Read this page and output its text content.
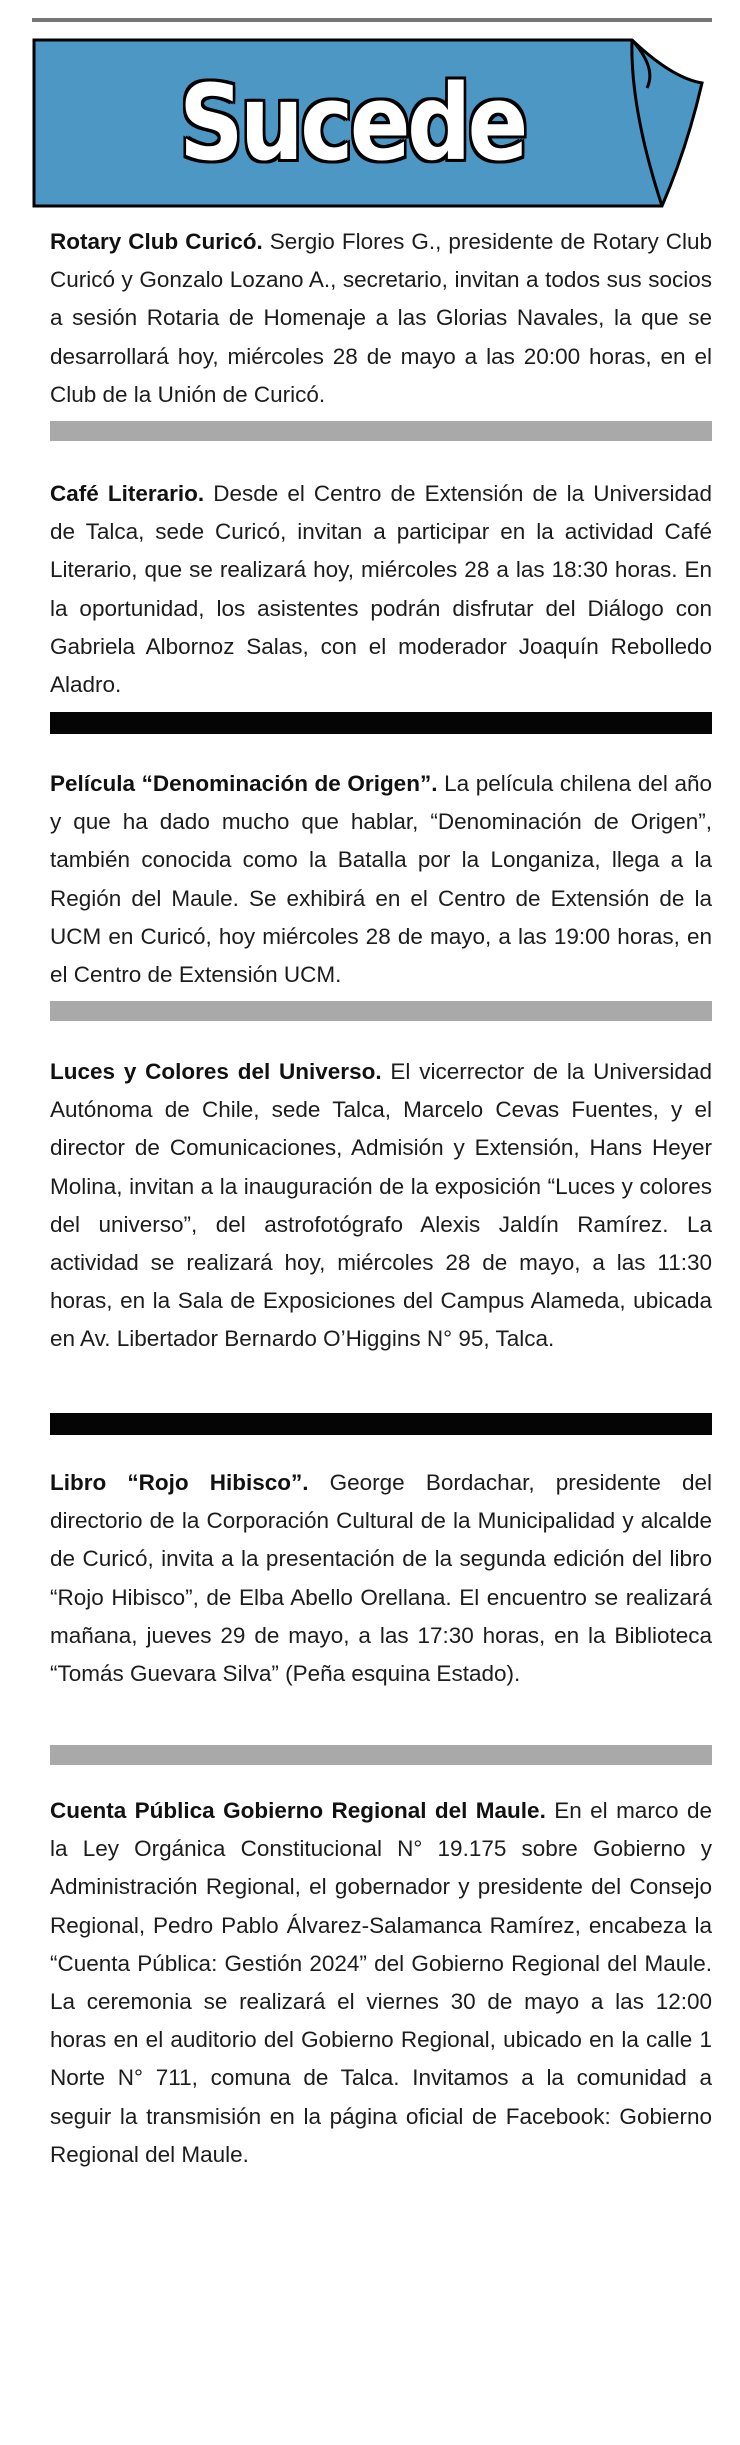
Sucede

Rotary Club Curicó. Sergio Flores G., presidente de Rotary Club Curicó y Gonzalo Lozano A., secretario, invitan a todos sus socios a sesión Rotaria de Homenaje a las Glorias Navales, la que se desarrollará hoy, miércoles 28 de mayo a las 20:00 horas, en el Club de la Unión de Curicó.

Café Literario. Desde el Centro de Extensión de la Universidad de Talca, sede Curicó, invitan a participar en la actividad Café Literario, que se realizará hoy, miércoles 28 a las 18:30 horas. En la oportunidad, los asistentes podrán disfrutar del Diálogo con Gabriela Albornoz Salas, con el moderador Joaquín Rebolledo Aladro.

Película “Denominación de Origen”. La película chilena del año y que ha dado mucho que hablar, “Denominación de Origen”, también conocida como la Batalla por la Longaniza, llega a la Región del Maule. Se exhibirá en el Centro de Extensión de la UCM en Curicó, hoy miércoles 28 de mayo, a las 19:00 horas, en el Centro de Extensión UCM.

Luces y Colores del Universo. El vicerrector de la Universidad Autónoma de Chile, sede Talca, Marcelo Cevas Fuentes, y el director de Comunicaciones, Admisión y Extensión, Hans Heyer Molina, invitan a la inauguración de la exposición “Luces y colores del universo”, del astrofotógrafo Alexis Jaldín Ramírez. La actividad se realizará hoy, miércoles 28 de mayo, a las 11:30 horas, en la Sala de Exposiciones del Campus Alameda, ubicada en Av. Libertador Bernardo O’Higgins N° 95, Talca.

Libro “Rojo Hibisco”. George Bordachar, presidente del directorio de la Corporación Cultural de la Municipalidad y alcalde de Curicó, invita a la presentación de la segunda edición del libro “Rojo Hibisco”, de Elba Abello Orellana. El encuentro se realizará mañana, jueves 29 de mayo, a las 17:30 horas, en la Biblioteca “Tomás Guevara Silva” (Peña esquina Estado).

Cuenta Pública Gobierno Regional del Maule. En el marco de la Ley Orgánica Constitucional N° 19.175 sobre Gobierno y Administración Regional, el gobernador y presidente del Consejo Regional, Pedro Pablo Álvarez-Salamanca Ramírez, encabeza la “Cuenta Pública: Gestión 2024” del Gobierno Regional del Maule. La ceremonia se realizará el viernes 30 de mayo a las 12:00 horas en el auditorio del Gobierno Regional, ubicado en la calle 1 Norte N° 711, comuna de Talca. Invitamos a la comunidad a seguir la transmisión en la página oficial de Facebook: Gobierno Regional del Maule.
